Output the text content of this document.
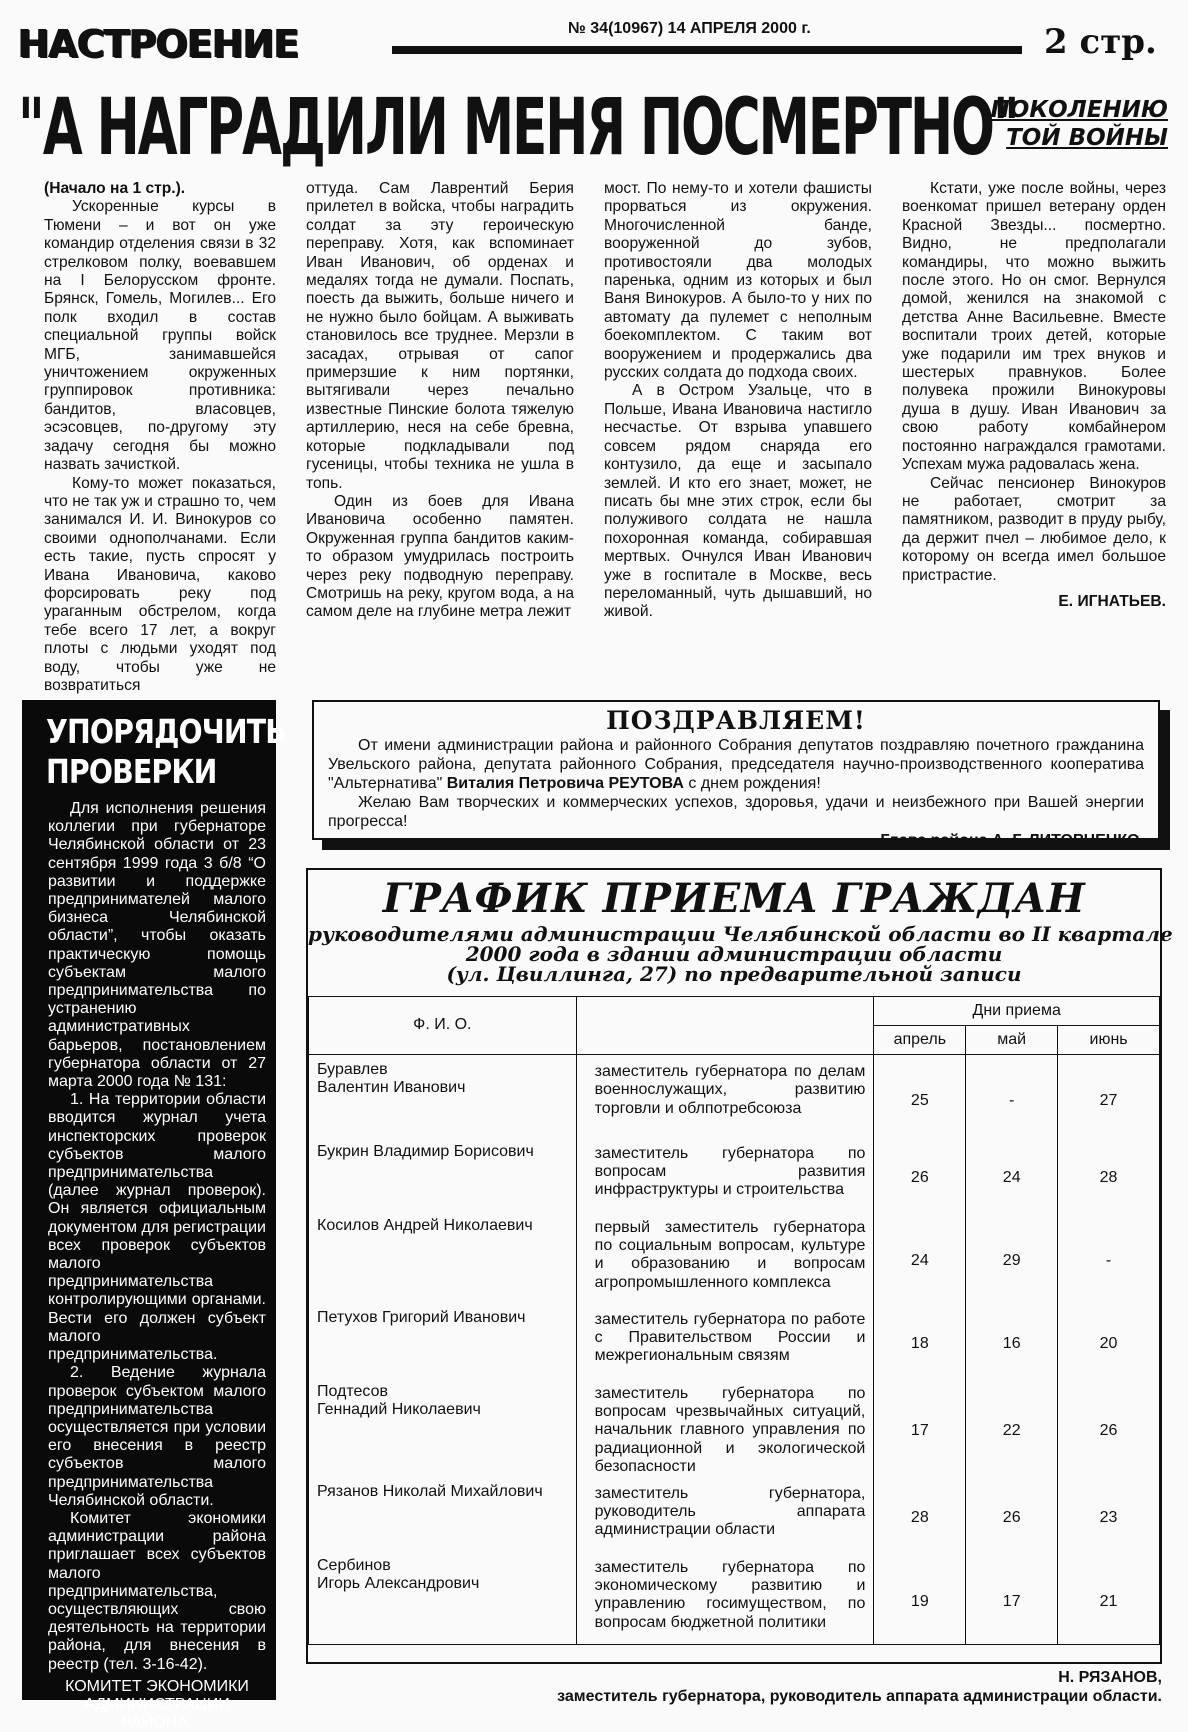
НАСТРОЕНИЕ	№ 34(10967) 14 АПРЕЛЯ 2000 г.	2 стр.
"А НАГРАДИЛИ МЕНЯ ПОСМЕРТНО"
ПОКОЛЕНИЮ
ТОЙ ВОЙНЫ

(Начало на 1 стр.).

Ускоренные курсы в Тюмени – и вот он уже командир отделения связи в 32 стрелковом полку, воевавшем на I Белорусском фронте. Брянск, Гомель, Могилев... Его полк входил в состав специальной группы войск МГБ, занимавшейся уничтожением окруженных группировок противника: бандитов, власовцев, эсэсовцев, по-другому эту задачу сегодня бы можно назвать зачисткой.

Кому-то может показаться, что не так уж и страшно то, чем занимался И. И. Винокуров со своими однополчанами. Если есть такие, пусть спросят у Ивана Ивановича, каково форсировать реку под ураганным обстрелом, когда тебе всего 17 лет, а вокруг плоты с людьми уходят под воду, чтобы уже не возвратиться

оттуда. Сам Лаврентий Берия прилетел в войска, чтобы наградить солдат за эту героическую переправу. Хотя, как вспоминает Иван Иванович, об орденах и медалях тогда не думали. Поспать, поесть да выжить, больше ничего и не нужно было бойцам. А выживать становилось все труднее. Мерзли в засадах, отрывая от сапог примерзшие к ним портянки, вытягивали через печально известные Пинские болота тяжелую артиллерию, неся на себе бревна, которые подкладывали под гусеницы, чтобы техника не ушла в топь.

Один из боев для Ивана Ивановича особенно памятен. Окруженная группа бандитов каким-то образом умудрилась построить через реку подводную переправу. Смотришь на реку, кругом вода, а на самом деле на глубине метра лежит

мост. По нему-то и хотели фашисты прорваться из окружения. Многочисленной банде, вооруженной до зубов, противостояли два молодых паренька, одним из которых и был Ваня Винокуров. А было-то у них по автомату да пулемет с неполным боекомплектом. С таким вот вооружением и продержались два русских солдата до подхода своих.

А в Остром Узальце, что в Польше, Ивана Ивановича настигло несчастье. От взрыва упавшего совсем рядом снаряда его контузило, да еще и засыпало землей. И кто его знает, может, не писать бы мне этих строк, если бы полуживого солдата не нашла похоронная команда, собиравшая мертвых. Очнулся Иван Иванович уже в госпитале в Москве, весь переломанный, чуть дышавший, но живой.

Кстати, уже после войны, через военкомат пришел ветерану орден Красной Звезды... посмертно. Видно, не предполагали командиры, что можно выжить после этого. Но он смог. Вернулся домой, женился на знакомой с детства Анне Васильевне. Вместе воспитали троих детей, которые уже подарили им трех внуков и шестерых правнуков. Более полувека прожили Винокуровы душа в душу. Иван Иванович за свою работу комбайнером постоянно награждался грамотами. Успехам мужа радовалась жена.

Сейчас пенсионер Винокуров не работает, смотрит за памятником, разводит в пруду рыбу, да держит пчел – любимое дело, к которому он всегда имел большое пристрастие.

Е. ИГНАТЬЕВ.
УПОРЯДОЧИТЬ
ПРОВЕРКИ

Для исполнения решения коллегии при губернаторе Челябинской области от 23 сентября 1999 года 3 б/8 “О развитии и поддержке предпринимателей малого бизнеса Челябинской области”, чтобы оказать практическую помощь субъектам малого предпринимательства по устранению административных барьеров, постановлением губернатора области от 27 марта 2000 года № 131:

1. На территории области вводится журнал учета инспекторских проверок субъектов малого предпринимательства (далее журнал проверок). Он является официальным документом для регистрации всех проверок субъектов малого предпринимательства контролирующими органами. Вести его должен субъект малого предпринимательства.

2. Ведение журнала проверок субъектом малого предпринимательства осуществляется при условии его внесения в реестр субъектов малого предпринимательства Челябинской области.

Комитет экономики администрации района приглашает всех субъектов малого предпринимательства, осуществляющих свою деятельность на территории района, для внесения в реестр (тел. 3-16-42).

КОМИТЕТ ЭКОНОМИКИ АДМИНИСТРАЦИИ РАЙОНА.
ПОЗДРАВЛЯЕМ!

От имени администрации района и районного Собрания депутатов поздравляю почетного гражданина Увельского района, депутата районного Собрания, председателя научно-производственного кооператива "Альтернатива" Виталия Петровича РЕУТОВА с днем рождения!

Желаю Вам творческих и коммерческих успехов, здоровья, удачи и неизбежного при Вашей энергии прогресса!

Глава района А. Г. ЛИТОВЧЕНКО.
ГРАФИК ПРИЕМА ГРАЖДАН
руководителями администрации Челябинской области во II квартале
2000 года в здании администрации области
(ул. Цвиллинга, 27) по предварительной записи
Ф. И. О.		Дни приема		
		апрель	май	июнь

Буравлев
Валентин Иванович	заместитель губернатора по делам военнослужащих, развитию торговли и облпотребсоюза	25	-	27

Букрин Владимир Борисович	заместитель губернатора по вопросам развития инфраструктуры и строительства	26	24	28

Косилов Андрей Николаевич	первый заместитель губернатора по социальным вопросам, культуре и образованию и вопросам агропромышленного комплекса	24	29	-

Петухов Григорий Иванович	заместитель губернатора по работе с Правительством России и межрегиональным связям	18	16	20

Подтесов
Геннадий Николаевич	заместитель губернатора по вопросам чрезвычайных ситуаций, начальник главного управления по радиационной и экологической безопасности	17	22	26

Рязанов Николай Михайлович	заместитель губернатора, руководитель аппарата администрации области	28	26	23

Сербинов
Игорь Александрович	заместитель губернатора по экономическому развитию и управлению госимуществом, по вопросам бюджетной политики	19	17	21
Н. РЯЗАНОВ,
заместитель губернатора, руководитель аппарата администрации области.
